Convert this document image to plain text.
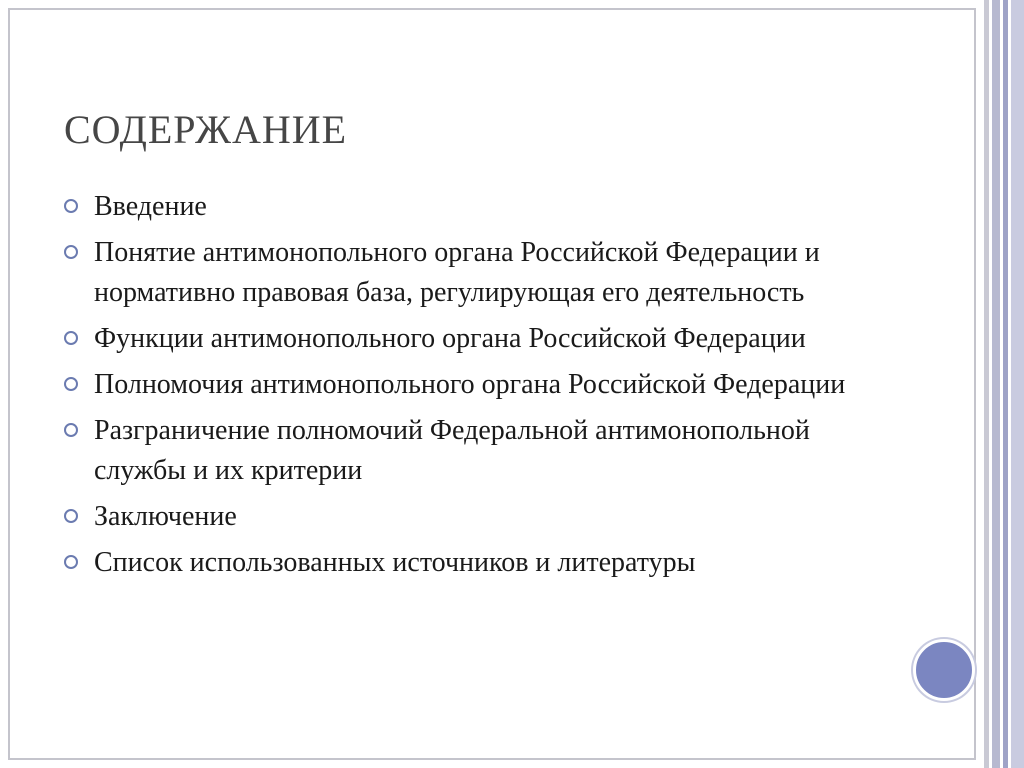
СОДЕРЖАНИЕ
Введение
Понятие антимонопольного органа Российской Федерации и нормативно правовая база, регулирующая его деятельность
Функции антимонопольного органа Российской Федерации
Полномочия антимонопольного органа Российской Федерации
Разграничение полномочий Федеральной антимонопольной службы и их критерии
Заключение
Список использованных источников и литературы
